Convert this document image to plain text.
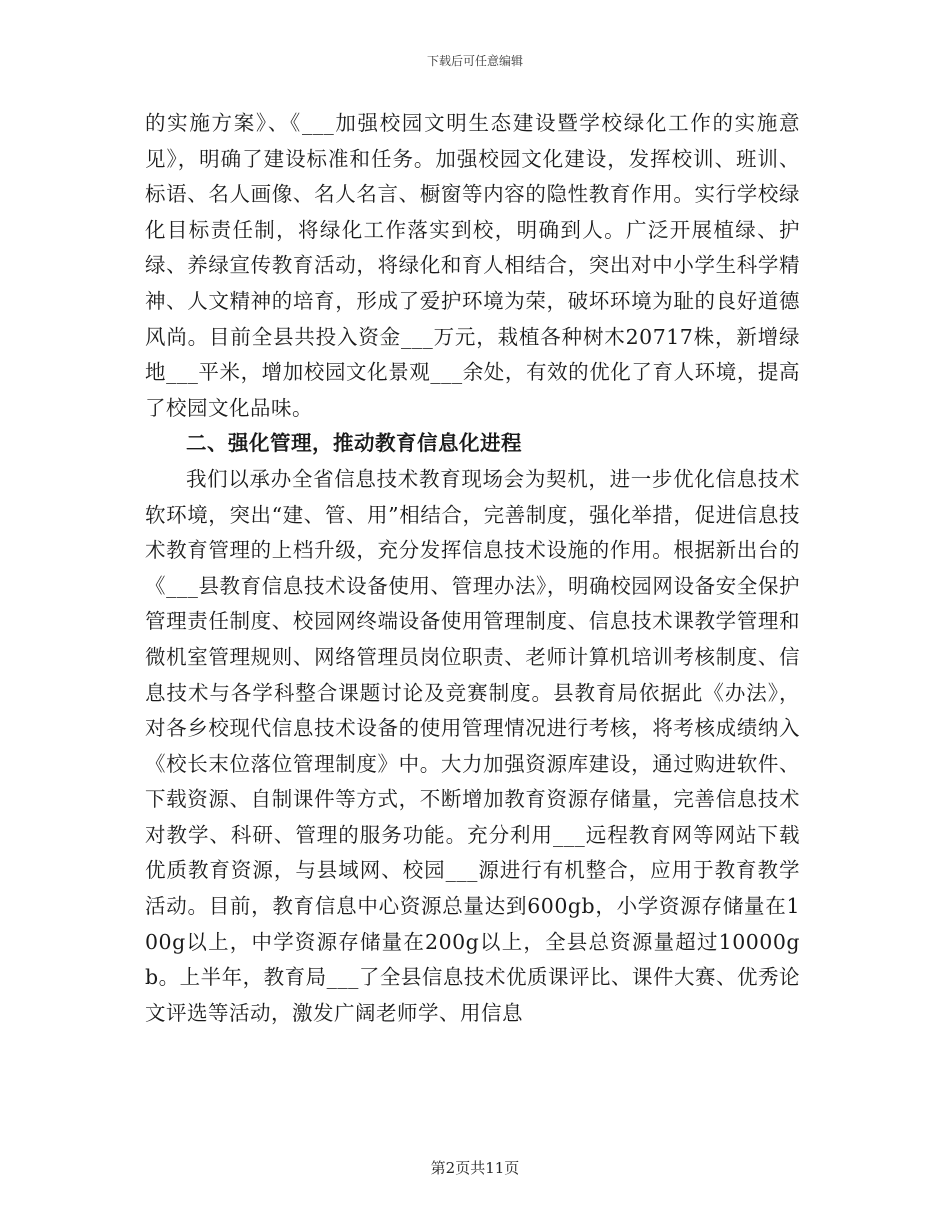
下载后可任意编辑

的实施方案》、《___加强校园文明生态建设暨学校绿化工作的实施意见》，明确了建设标准和任务。加强校园文化建设，发挥校训、班训、标语、名人画像、名人名言、橱窗等内容的隐性教育作用。实行学校绿化目标责任制，将绿化工作落实到校，明确到人。广泛开展植绿、护绿、养绿宣传教育活动，将绿化和育人相结合，突出对中小学生科学精神、人文精神的培育，形成了爱护环境为荣，破坏环境为耻的良好道德风尚。目前全县共投入资金___万元，栽植各种树木20717株，新增绿地___平米，增加校园文化景观___余处，有效的优化了育人环境，提高了校园文化品味。

二、强化管理，推动教育信息化进程

我们以承办全省信息技术教育现场会为契机，进一步优化信息技术软环境，突出“建、管、用”相结合，完善制度，强化举措，促进信息技术教育管理的上档升级，充分发挥信息技术设施的作用。根据新出台的《___县教育信息技术设备使用、管理办法》，明确校园网设备安全保护管理责任制度、校园网终端设备使用管理制度、信息技术课教学管理和微机室管理规则、网络管理员岗位职责、老师计算机培训考核制度、信息技术与各学科整合课题讨论及竞赛制度。县教育局依据此《办法》，对各乡校现代信息技术设备的使用管理情况进行考核，将考核成绩纳入《校长末位落位管理制度》中。大力加强资源库建设，通过购进软件、下载资源、自制课件等方式，不断增加教育资源存储量，完善信息技术对教学、科研、管理的服务功能。充分利用___远程教育网等网站下载优质教育资源，与县域网、校园___源进行有机整合，应用于教育教学活动。目前，教育信息中心资源总量达到600gb，小学资源存储量在100g以上，中学资源存储量在200g以上，全县总资源量超过10000gb。上半年，教育局___了全县信息技术优质课评比、课件大赛、优秀论文评选等活动，激发广阔老师学、用信息

第2页共11页
